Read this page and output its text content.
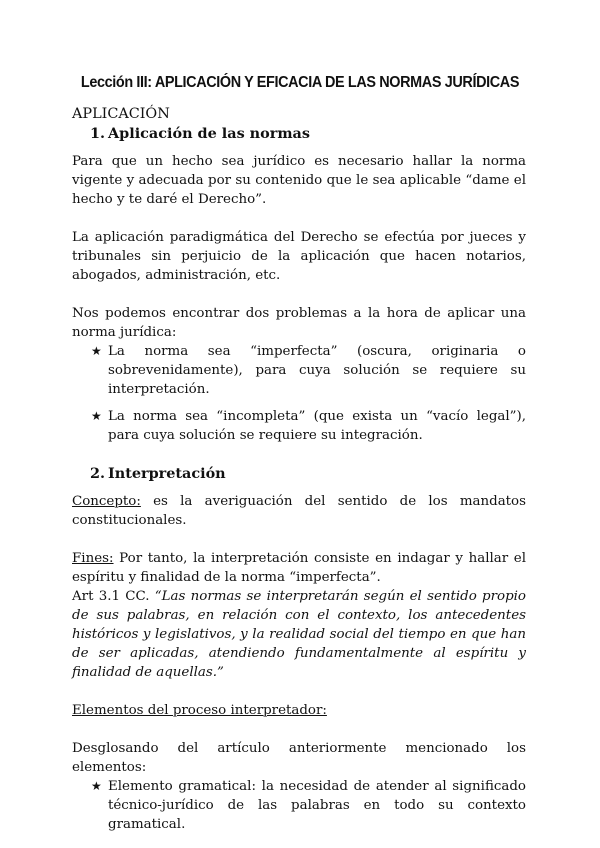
Lección III: APLICACIÓN Y EFICACIA DE LAS NORMAS JURÍDICAS
APLICACIÓN
1. Aplicación de las normas

Para que un hecho sea jurídico es necesario hallar la norma vigente y adecuada por su contenido que le sea aplicable “dame el hecho y te daré el Derecho”.

La aplicación paradigmática del Derecho se efectúa por jueces y tribunales sin perjuicio de la aplicación que hacen notarios, abogados, administración, etc.

Nos podemos encontrar dos problemas a la hora de aplicar una norma jurídica:

★ La norma sea “imperfecta” (oscura, originaria o sobrevenidamente), para cuya solución se requiere su interpretación.
★ La norma sea “incompleta” (que exista un “vacío legal”), para cuya solución se requiere su integración.
2. Interpretación

Concepto: es la averiguación del sentido de los mandatos constitucionales.

Fines: Por tanto, la interpretación consiste en indagar y hallar el espíritu y finalidad de la norma “imperfecta”.

Art 3.1 CC. “Las normas se interpretarán según el sentido propio de sus palabras, en relación con el contexto, los antecedentes históricos y legislativos, y la realidad social del tiempo en que han de ser aplicadas, atendiendo fundamentalmente al espíritu y finalidad de aquellas.”

Elementos del proceso interpretador:

Desglosando del artículo anteriormente mencionado los elementos:

★ Elemento gramatical: la necesidad de atender al significado técnico-jurídico de las palabras en todo su contexto gramatical.
